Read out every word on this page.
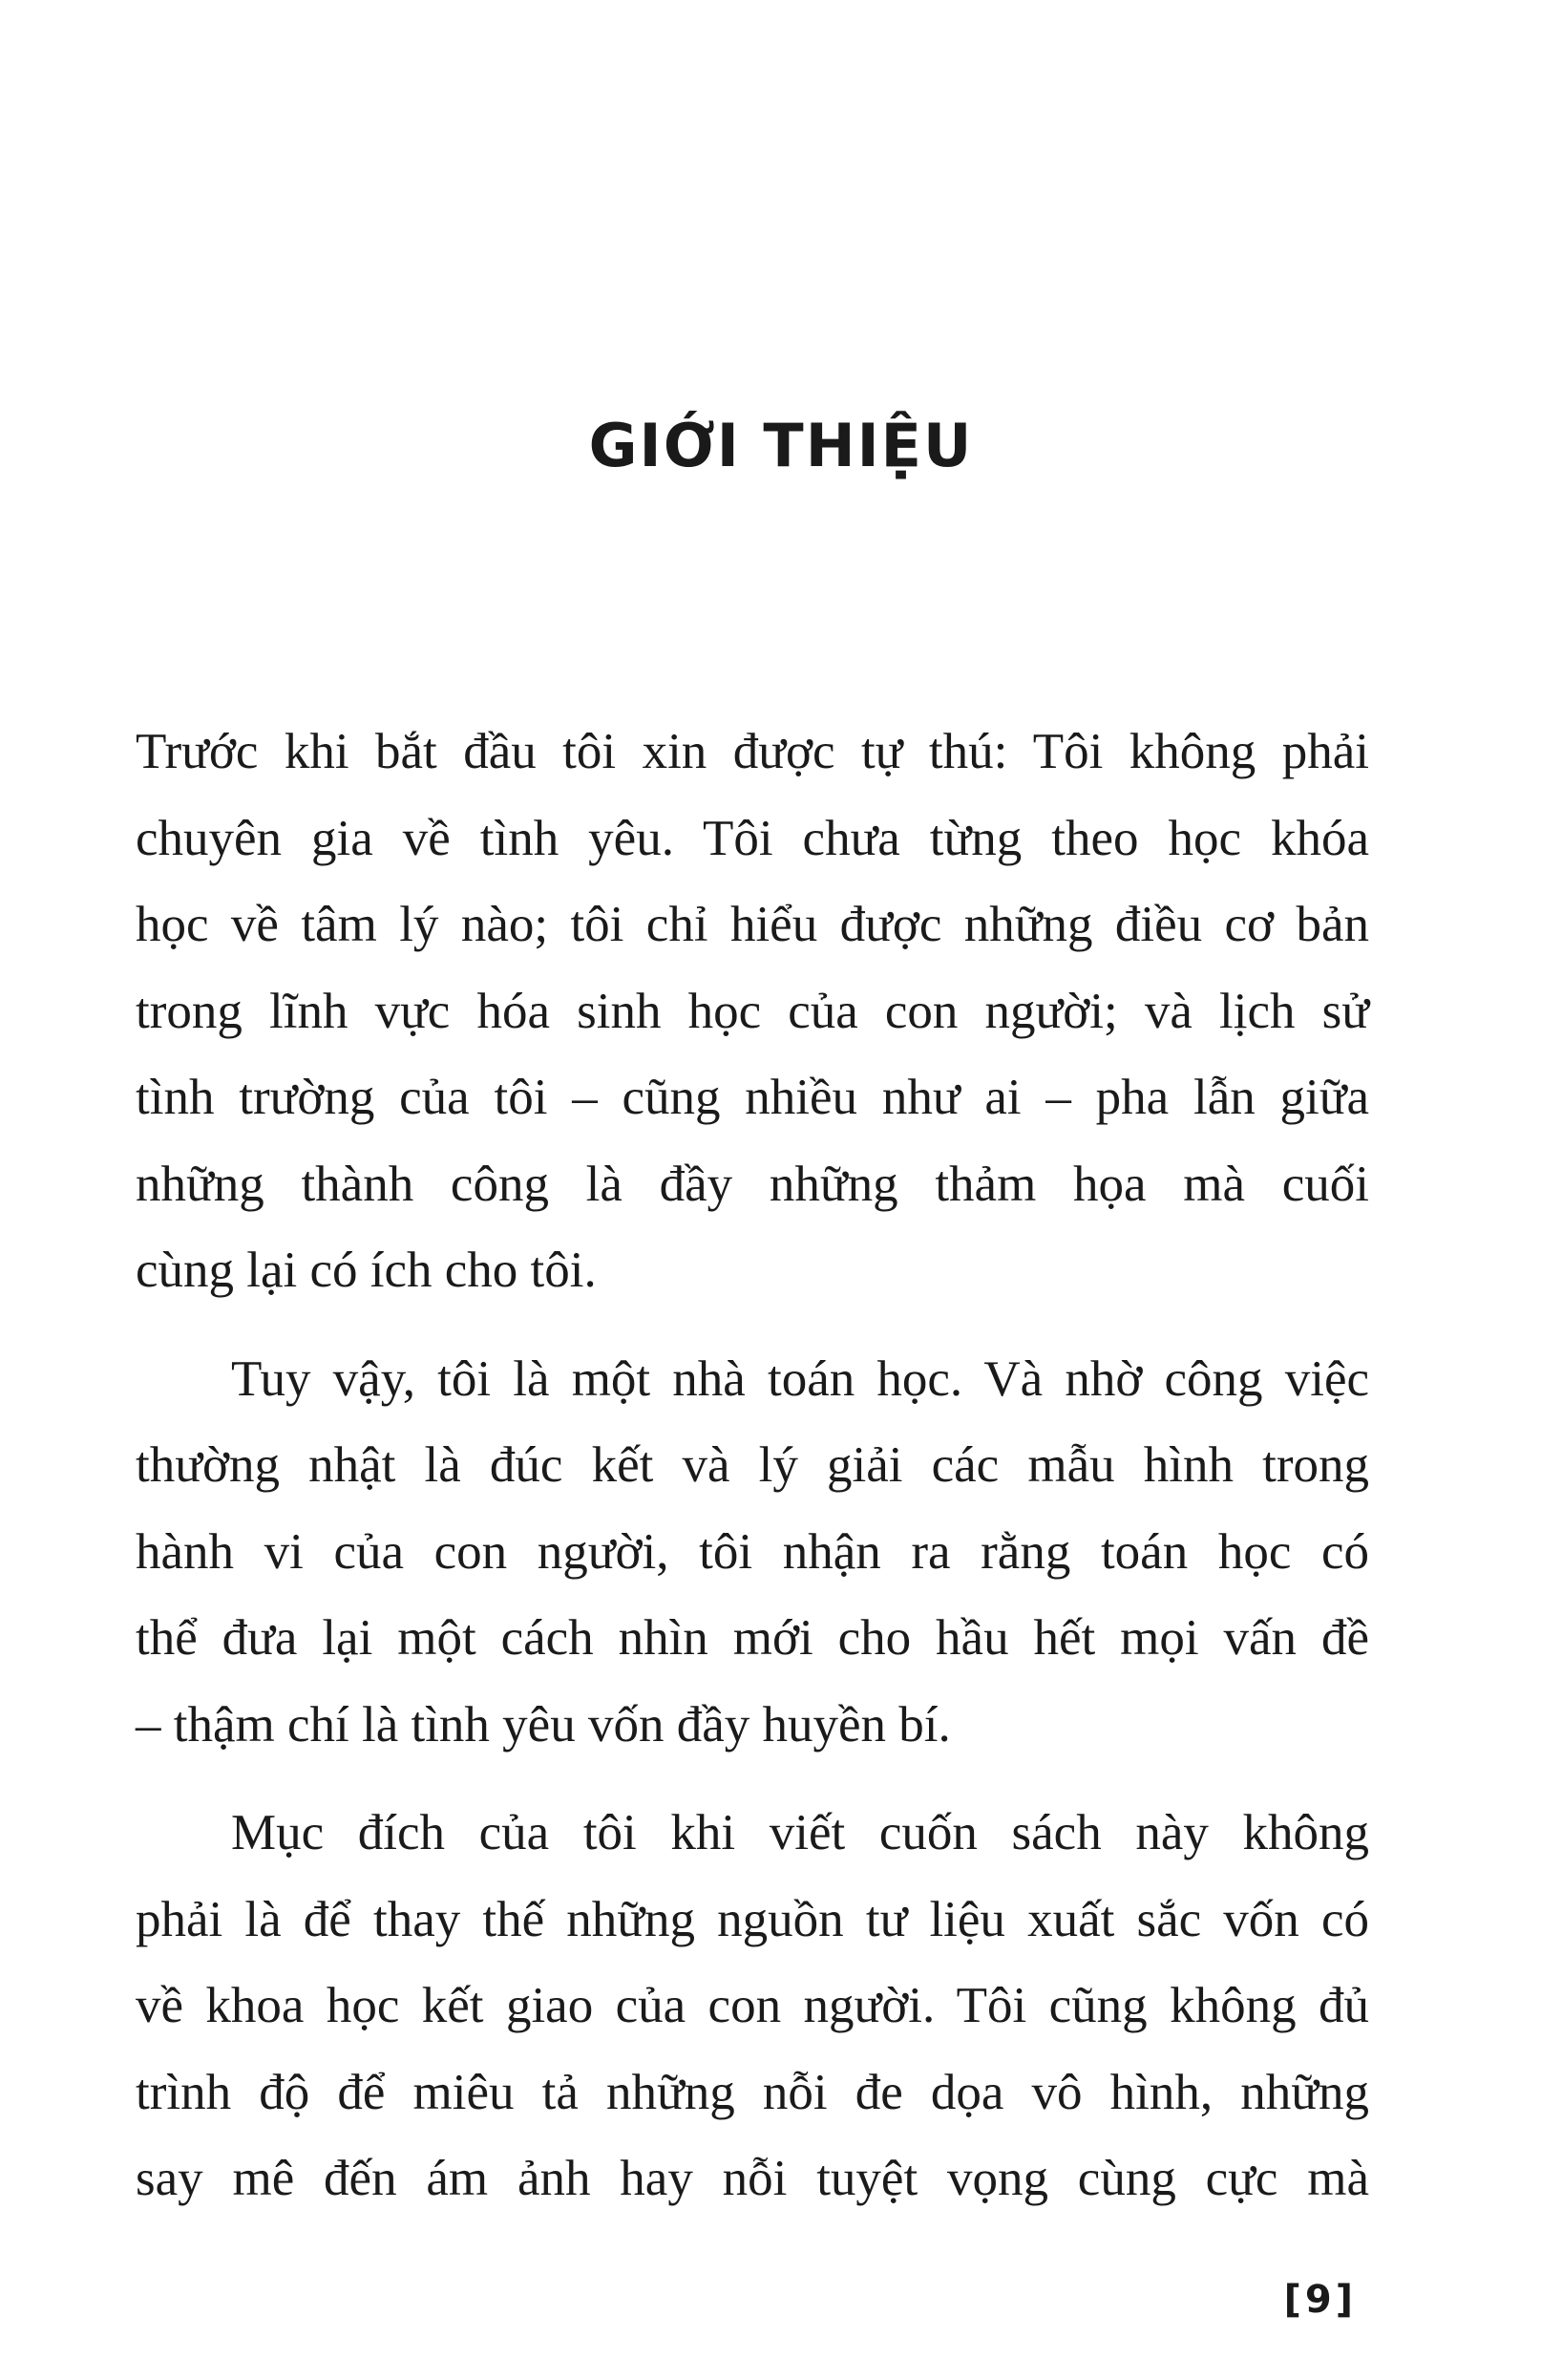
GIỚI THIỆU
Trước khi bắt đầu tôi xin được tự thú: Tôi không phải
chuyên gia về tình yêu. Tôi chưa từng theo học khóa
học về tâm lý nào; tôi chỉ hiểu được những điều cơ bản
trong lĩnh vực hóa sinh học của con người; và lịch sử
tình trường của tôi – cũng nhiều như ai – pha lẫn giữa
những thành công là đầy những thảm họa mà cuối
cùng lại có ích cho tôi.
Tuy vậy, tôi là một nhà toán học. Và nhờ công việc
thường nhật là đúc kết và lý giải các mẫu hình trong
hành vi của con người, tôi nhận ra rằng toán học có
thể đưa lại một cách nhìn mới cho hầu hết mọi vấn đề
– thậm chí là tình yêu vốn đầy huyền bí.
Mục đích của tôi khi viết cuốn sách này không
phải là để thay thế những nguồn tư liệu xuất sắc vốn có
về khoa học kết giao của con người. Tôi cũng không đủ
trình độ để miêu tả những nỗi đe dọa vô hình, những
say mê đến ám ảnh hay nỗi tuyệt vọng cùng cực mà
[9]
